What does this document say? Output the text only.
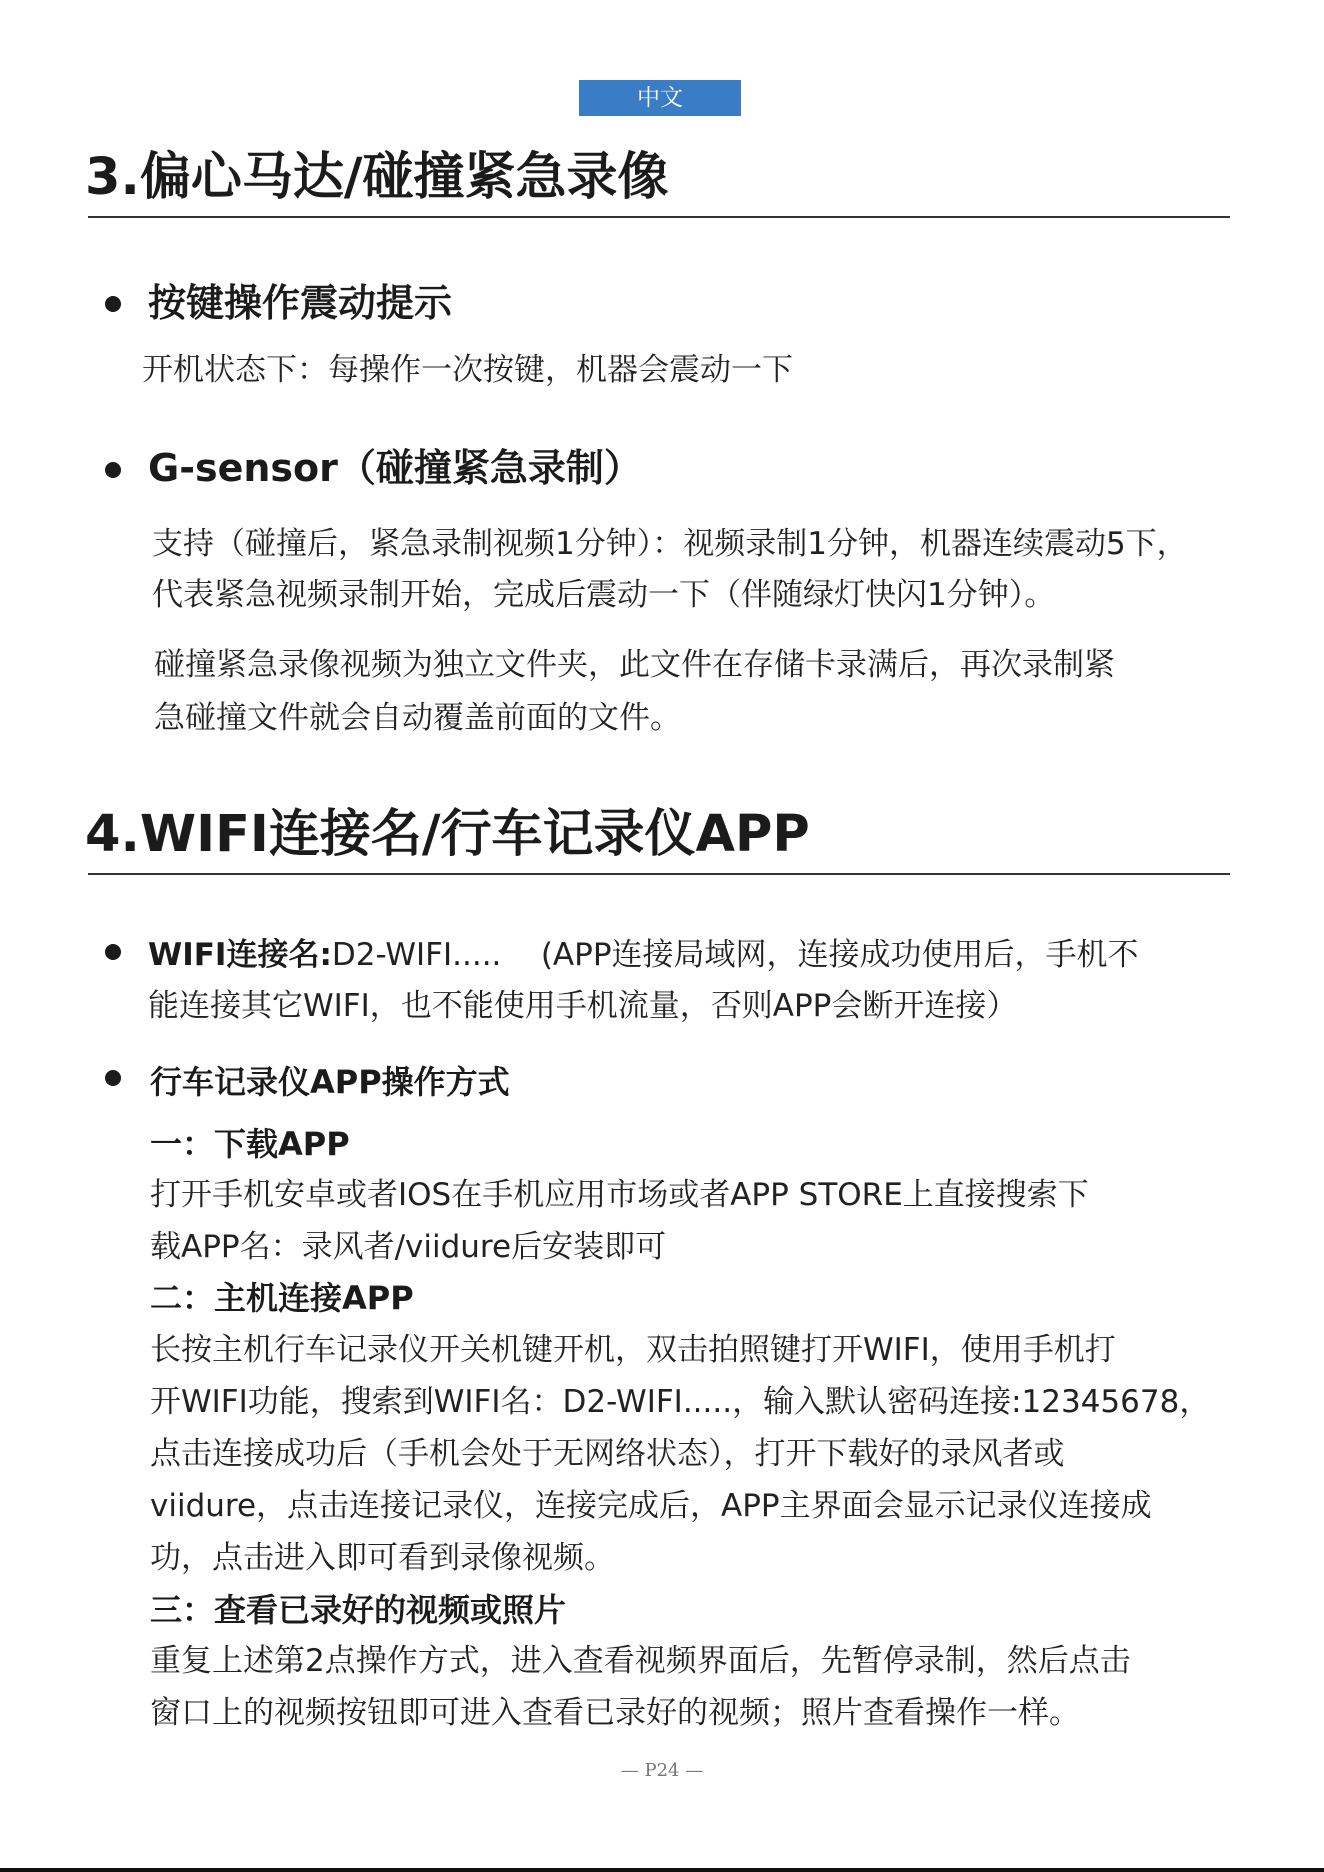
中文
3.偏心马达/碰撞紧急录像
按键操作震动提示
开机状态下：每操作一次按键，机器会震动一下
G-sensor（碰撞紧急录制）
支持（碰撞后，紧急录制视频1分钟）：视频录制1分钟，机器连续震动5下，
代表紧急视频录制开始，完成后震动一下（伴随绿灯快闪1分钟）。
碰撞紧急录像视频为独立文件夹，此文件在存储卡录满后，再次录制紧
急碰撞文件就会自动覆盖前面的文件。
4.WIFI连接名/行车记录仪APP
WIFI连接名:D2-WIFI.....    (APP连接局域网，连接成功使用后，手机不
能连接其它WIFI，也不能使用手机流量，否则APP会断开连接）
行车记录仪APP操作方式
一：下载APP
打开手机安卓或者IOS在手机应用市场或者APP STORE上直接搜索下
载APP名：录风者/viidure后安装即可
二：主机连接APP
长按主机行车记录仪开关机键开机，双击拍照键打开WIFI，使用手机打
开WIFI功能，搜索到WIFI名：D2-WIFI.....，输入默认密码连接:12345678，
点击连接成功后（手机会处于无网络状态），打开下载好的录风者或
viidure，点击连接记录仪，连接完成后，APP主界面会显示记录仪连接成
功，点击进入即可看到录像视频。
三：查看已录好的视频或照片
重复上述第2点操作方式，进入查看视频界面后，先暂停录制，然后点击
窗口上的视频按钮即可进入查看已录好的视频；照片查看操作一样。
— P24 —
